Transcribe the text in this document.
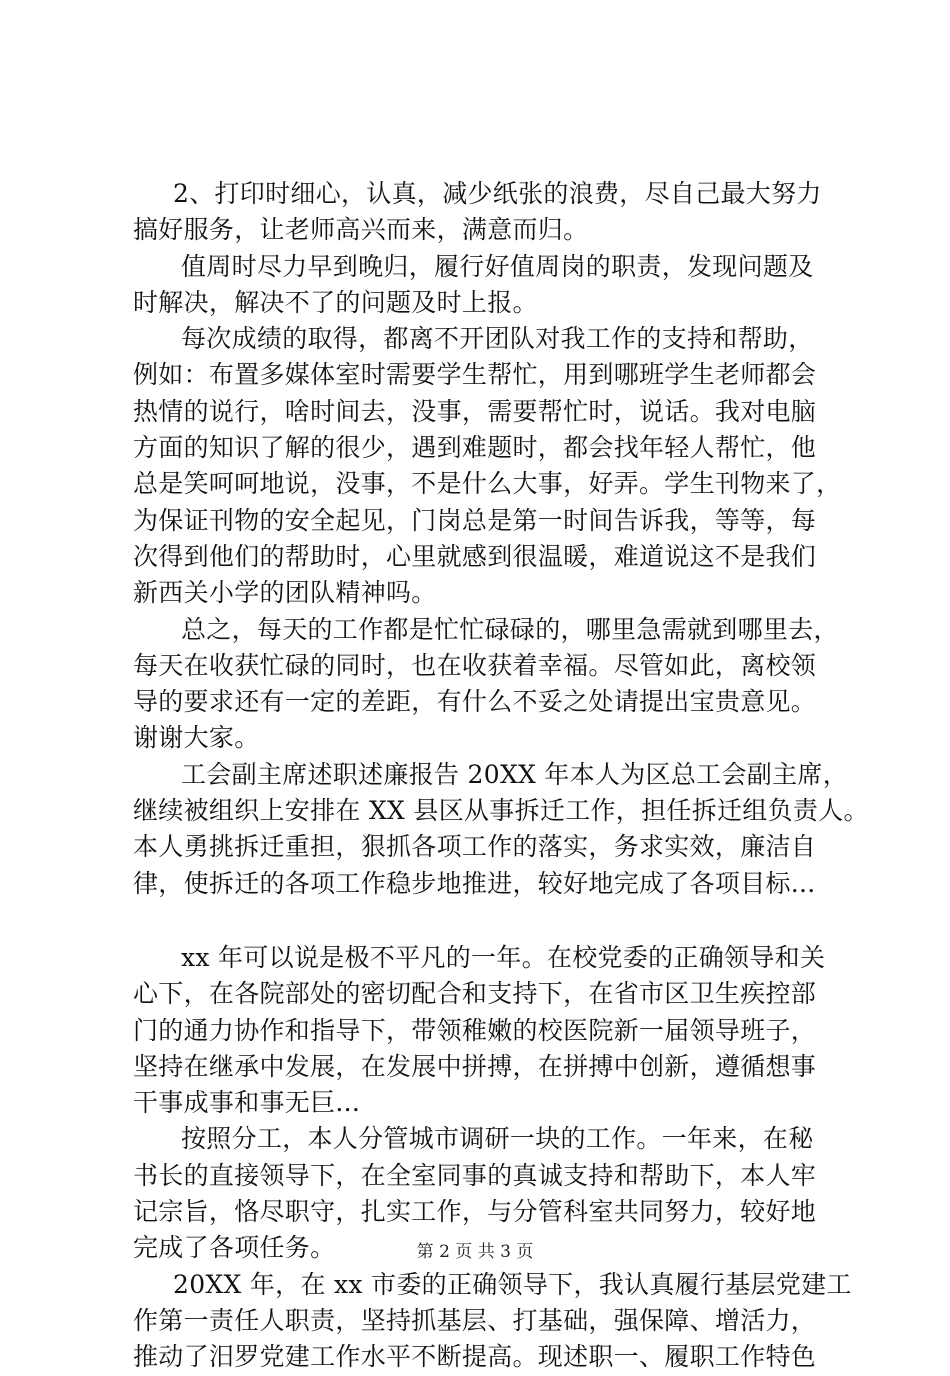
2、打印时细心，认真，减少纸张的浪费，尽自己最大努力
搞好服务，让老师高兴而来，满意而归。
值周时尽力早到晚归，履行好值周岗的职责，发现问题及
时解决，解决不了的问题及时上报。
每次成绩的取得，都离不开团队对我工作的支持和帮助，
例如：布置多媒体室时需要学生帮忙，用到哪班学生老师都会
热情的说行，啥时间去，没事，需要帮忙时，说话。我对电脑
方面的知识了解的很少，遇到难题时，都会找年轻人帮忙，他
总是笑呵呵地说，没事，不是什么大事，好弄。学生刊物来了，
为保证刊物的安全起见，门岗总是第一时间告诉我，等等，每
次得到他们的帮助时，心里就感到很温暖，难道说这不是我们
新西关小学的团队精神吗。
总之，每天的工作都是忙忙碌碌的，哪里急需就到哪里去，
每天在收获忙碌的同时，也在收获着幸福。尽管如此，离校领
导的要求还有一定的差距，有什么不妥之处请提出宝贵意见。
谢谢大家。
工会副主席述职述廉报告 20XX 年本人为区总工会副主席，
继续被组织上安排在 XX 县区从事拆迁工作，担任拆迁组负责人。
本人勇挑拆迁重担，狠抓各项工作的落实，务求实效，廉洁自
律，使拆迁的各项工作稳步地推进，较好地完成了各项目标...
xx 年可以说是极不平凡的一年。在校党委的正确领导和关
心下，在各院部处的密切配合和支持下，在省市区卫生疾控部
门的通力协作和指导下，带领稚嫩的校医院新一届领导班子，
坚持在继承中发展，在发展中拼搏，在拼搏中创新，遵循想事
干事成事和事无巨...
按照分工，本人分管城市调研一块的工作。一年来，在秘
书长的直接领导下，在全室同事的真诚支持和帮助下，本人牢
记宗旨，恪尽职守，扎实工作，与分管科室共同努力，较好地
完成了各项任务。
20XX 年，在 xx 市委的正确领导下，我认真履行基层党建工
作第一责任人职责，坚持抓基层、打基础，强保障、增活力，
推动了汨罗党建工作水平不断提高。现述职一、履职工作特色
第 2 页 共 3 页
